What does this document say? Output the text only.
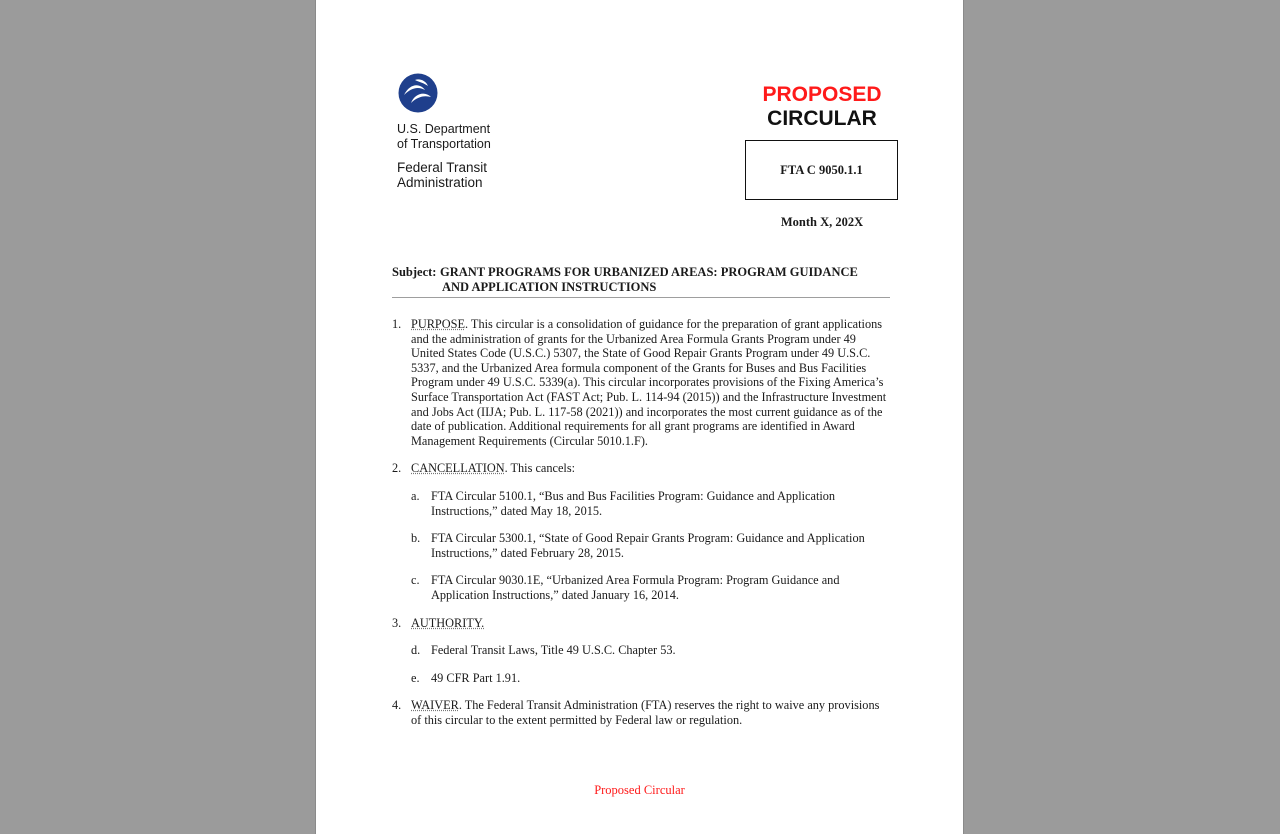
U.S. Department
of Transportation
Federal Transit
Administration
PROPOSED
CIRCULAR
FTA C 9050.1.1
Month X, 202X
Subject: GRANT PROGRAMS FOR URBANIZED AREAS: PROGRAM GUIDANCE
AND APPLICATION INSTRUCTIONS
1. PURPOSE. This circular is a consolidation of guidance for the preparation of grant applications and the administration of grants for the Urbanized Area Formula Grants Program under 49 United States Code (U.S.C.) 5307, the State of Good Repair Grants Program under 49 U.S.C. 5337, and the Urbanized Area formula component of the Grants for Buses and Bus Facilities Program under 49 U.S.C. 5339(a). This circular incorporates provisions of the Fixing America’s Surface Transportation Act (FAST Act; Pub. L. 114-94 (2015)) and the Infrastructure Investment and Jobs Act (IIJA; Pub. L. 117-58 (2021)) and incorporates the most current guidance as of the date of publication. Additional requirements for all grant programs are identified in Award Management Requirements (Circular 5010.1.F).
2. CANCELLATION. This cancels:
a. FTA Circular 5100.1, “Bus and Bus Facilities Program: Guidance and Application Instructions,” dated May 18, 2015.
b. FTA Circular 5300.1, “State of Good Repair Grants Program: Guidance and Application Instructions,” dated February 28, 2015.
c. FTA Circular 9030.1E, “Urbanized Area Formula Program: Program Guidance and Application Instructions,” dated January 16, 2014.
3. AUTHORITY.
d. Federal Transit Laws, Title 49 U.S.C. Chapter 53.
e. 49 CFR Part 1.91.
4. WAIVER. The Federal Transit Administration (FTA) reserves the right to waive any provisions of this circular to the extent permitted by Federal law or regulation.
Proposed Circular
